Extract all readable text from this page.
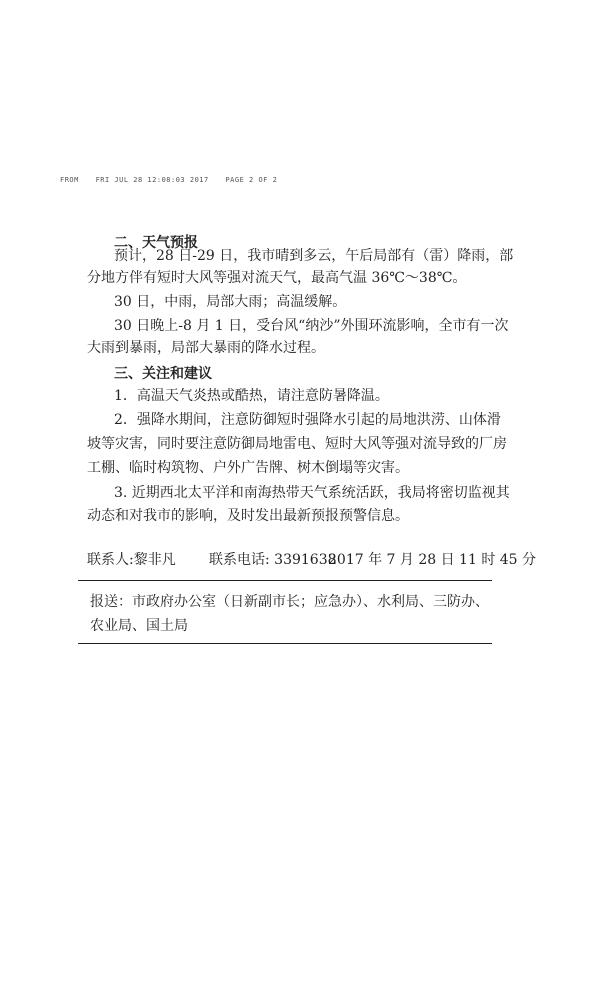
FROM FRI JUL 28 12:08:03 2017 PAGE 2 OF 2
二、天气预报
预计，28 日-29 日，我市晴到多云，午后局部有（雷）降雨，部
分地方伴有短时大风等强对流天气，最高气温 36℃～38℃。
30 日，中雨，局部大雨；高温缓解。
30 日晚上-8 月 1 日，受台风“纳沙”外围环流影响，全市有一次
大雨到暴雨，局部大暴雨的降水过程。
三、关注和建议
1．高温天气炎热或酷热，请注意防暑降温。
2．强降水期间，注意防御短时强降水引起的局地洪涝、山体滑
坡等灾害，同时要注意防御局地雷电、短时大风等强对流导致的厂房
工棚、临时构筑物、户外广告牌、树木倒塌等灾害。
3. 近期西北太平洋和南海热带天气系统活跃，我局将密切监视其
动态和对我市的影响，及时发出最新预报预警信息。
联系人:黎非凡 联系电话: 3391638
2017 年 7 月 28 日 11 时 45 分
报送：市政府办公室（日新副市长；应急办）、水利局、三防办、
农业局、国土局
